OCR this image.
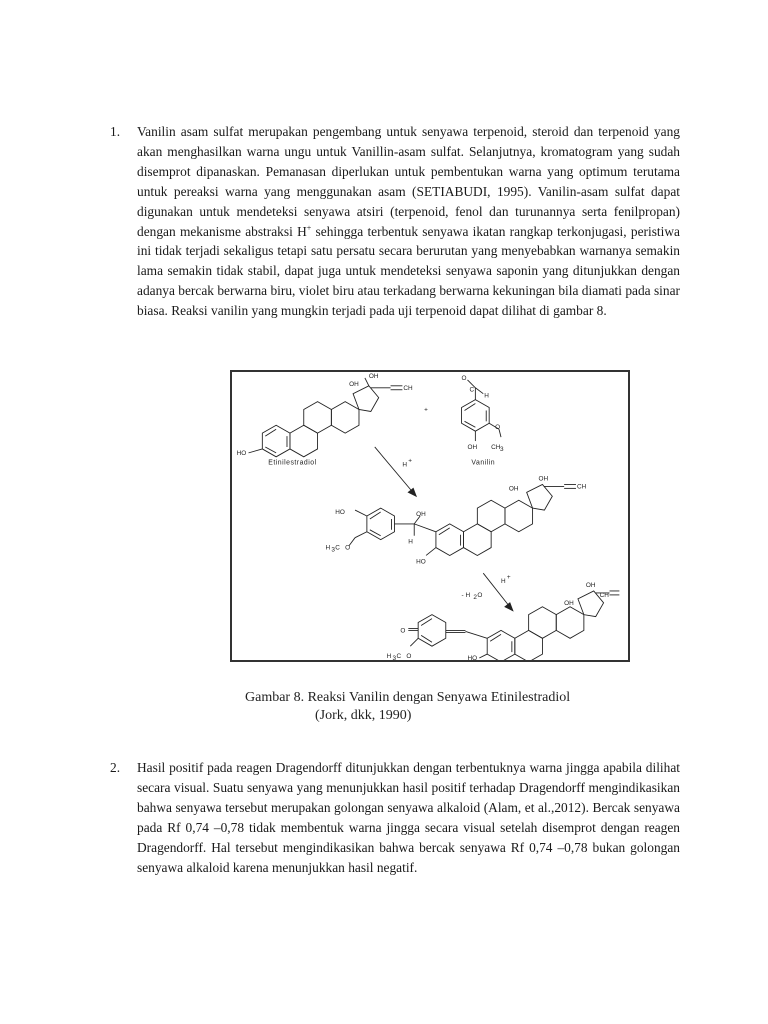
1. Vanilin asam sulfat merupakan pengembang untuk senyawa terpenoid, steroid dan terpenoid yang akan menghasilkan warna ungu untuk Vanillin-asam sulfat. Selanjutnya, kromatogram yang sudah disemprot dipanaskan. Pemanasan diperlukan untuk pembentukan warna yang optimum terutama untuk pereaksi warna yang menggunakan asam (SETIABUDI, 1995). Vanilin-asam sulfat dapat digunakan untuk mendeteksi senyawa atsiri (terpenoid, fenol dan turunannya serta fenilpropan) dengan mekanisme abstraksi H+ sehingga terbentuk senyawa ikatan rangkap terkonjugasi, peristiwa ini tidak terjadi sekaligus tetapi satu persatu secara berurutan yang menyebabkan warnanya semakin lama semakin tidak stabil, dapat juga untuk mendeteksi senyawa saponin yang ditunjukkan dengan adanya bercak berwarna biru, violet biru atau terkadang berwarna kekuningan bila diamati pada sinar biasa. Reaksi vanilin yang mungkin terjadi pada uji terpenoid dapat dilihat di gambar 8.
HO
OH
OH
CH
Etinilestradiol
+
O
C
H
O
OH CH 3
Vanilin
H
+
HO
H 3 C O
OH
H
HO
OH
OH
CH
H
+
- H 2 O
O
H 3 C O	HO
OH
OH
CH
Gambar 8. Reaksi Vanilin dengan Senyawa Etinilestradiol
(Jork, dkk, 1990)
2. Hasil positif pada reagen Dragendorff ditunjukkan dengan terbentuknya warna jingga apabila dilihat secara visual. Suatu senyawa yang menunjukkan hasil positif terhadap Dragendorff mengindikasikan bahwa senyawa tersebut merupakan golongan senyawa alkaloid (Alam, et al.,2012). Bercak senyawa pada Rf 0,74 –0,78 tidak membentuk warna jingga secara visual setelah disemprot dengan reagen Dragendorff. Hal tersebut mengindikasikan bahwa bercak senyawa Rf 0,74 –0,78 bukan golongan senyawa alkaloid karena menunjukkan hasil negatif.
